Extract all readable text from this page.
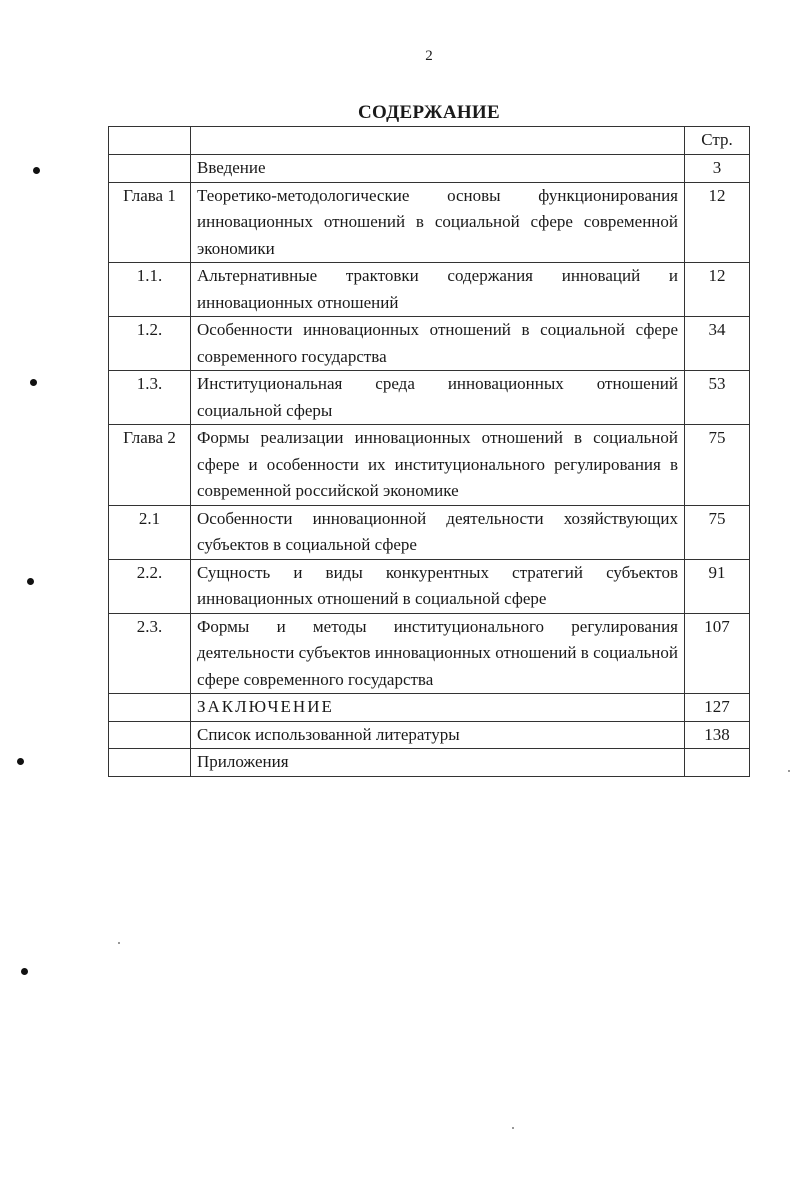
2
СОДЕРЖАНИЕ
		Стр.
	Введение	3
Глава 1	Теоретико-методологические основы функционирования инновационных отношений в социальной сфере современной экономики	12
1.1.	Альтернативные трактовки содержания инноваций и инновационных отношений	12
1.2.	Особенности инновационных отношений в социальной сфере современного государства	34
1.3.	Институциональная среда инновационных отношений социальной сферы	53
Глава 2	Формы реализации инновационных отношений в социальной сфере и особенности их институционального регулирования в современной российской экономике	75
2.1	Особенности инновационной деятельности хозяйствующих субъектов в социальной сфере	75
2.2.	Сущность и виды конкурентных стратегий субъектов инновационных отношений в социальной сфере	91
2.3.	Формы и методы институционального регулирования деятельности субъектов инновационных отношений в социальной сфере современного государства	107
	ЗАКЛЮЧЕНИЕ	127
	Список использованной литературы	138
	Приложения	
